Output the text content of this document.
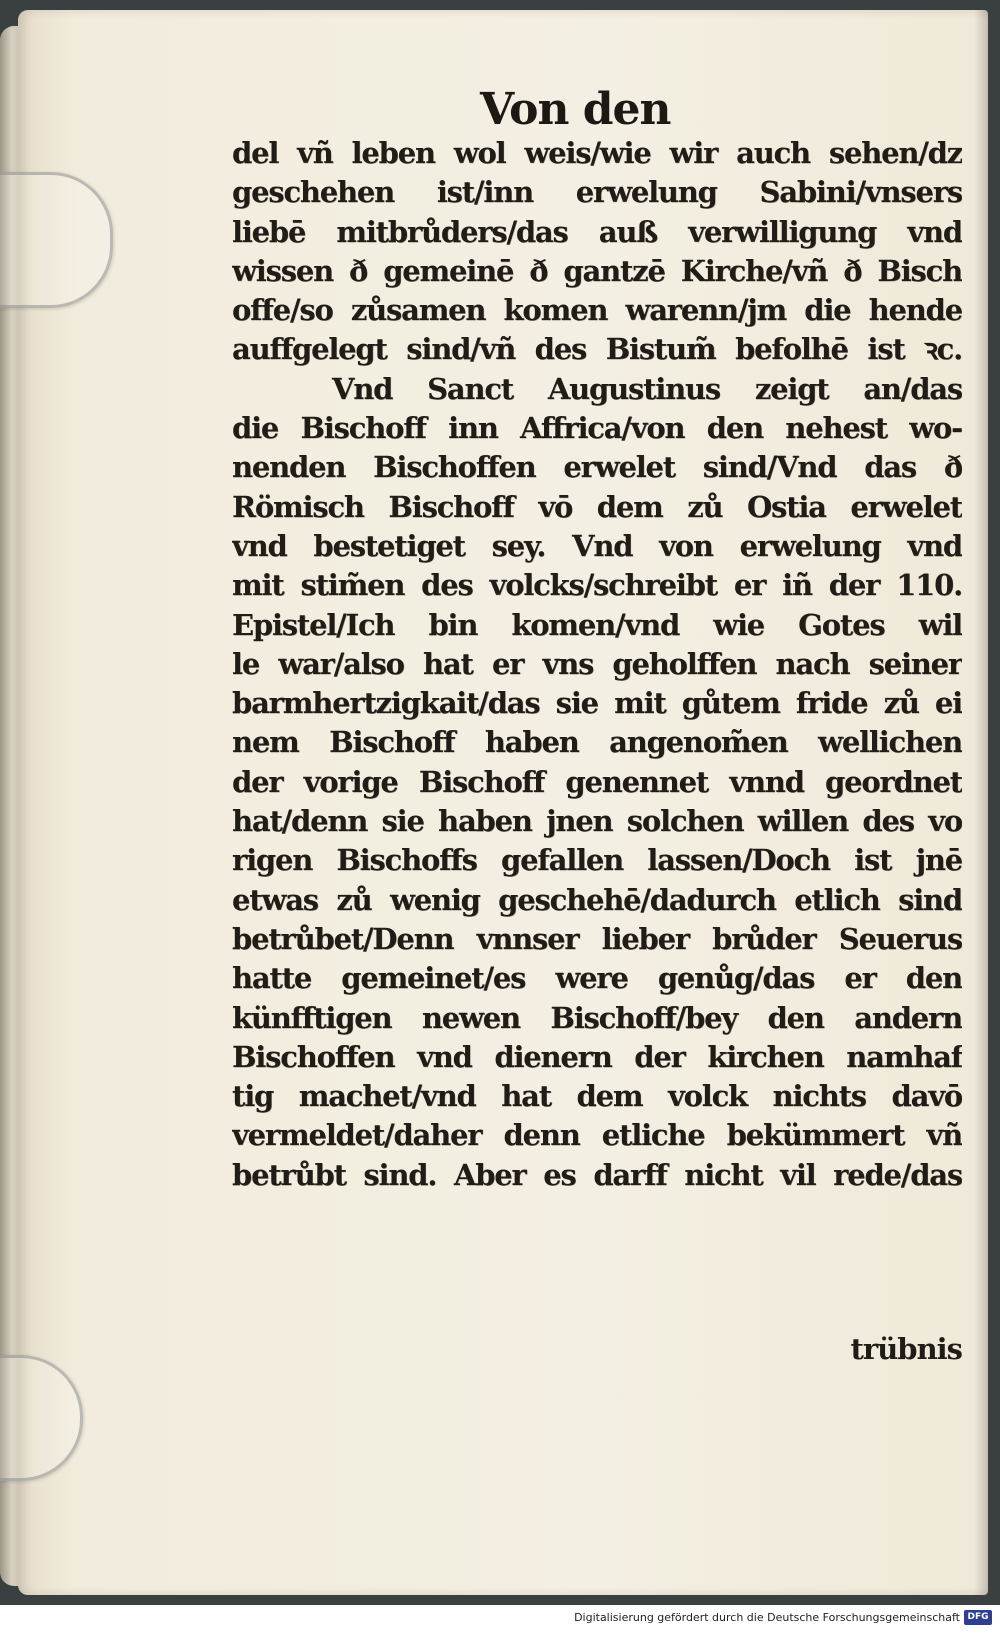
Von den
del vñ leben wol weis/wie wir auch sehen/dz
geschehen ist/inn erwelung Sabini/vnsers
liebē mitbrůders/das auß verwilligung vnd
wissen ð gemeinē ð gantzē Kirche/vñ ð Bisch
offe/so zůsamen komen warenn/jm die hende
auffgelegt sind/vñ des Bistum̃ befolhē ist ꝛc.
Vnd Sanct Augustinus zeigt an/das
die Bischoff inn Affrica/von den nehest wo-
nenden Bischoffen erwelet sind/Vnd das ð
Römisch Bischoff vō dem zů Ostia erwelet
vnd bestetiget sey. Vnd von erwelung vnd
mit stim̃en des volcks/schreibt er iñ der 110.
Epistel/Ich bin komen/vnd wie Gotes wil
le war/also hat er vns geholffen nach seiner
barmhertzigkait/das sie mit gůtem fride zů ei
nem Bischoff haben angenom̃en wellichen
der vorige Bischoff genennet vnnd geordnet
hat/denn sie haben jnen solchen willen des vo
rigen Bischoffs gefallen lassen/Doch ist jnē
etwas zů wenig geschehē/dadurch etlich sind
betrůbet/Denn vnnser lieber brůder Seuerus
hatte gemeinet/es were genůg/das er den
künfftigen newen Bischoff/bey den andern
Bischoffen vnd dienern der kirchen namhaf
tig machet/vnd hat dem volck nichts davō
vermeldet/daher denn etliche bekümmert vñ
betrůbt sind. Aber es darff nicht vil rede/das
trübnis
Digitalisierung gefördert durch die Deutsche Forschungsgemeinschaft DFG
